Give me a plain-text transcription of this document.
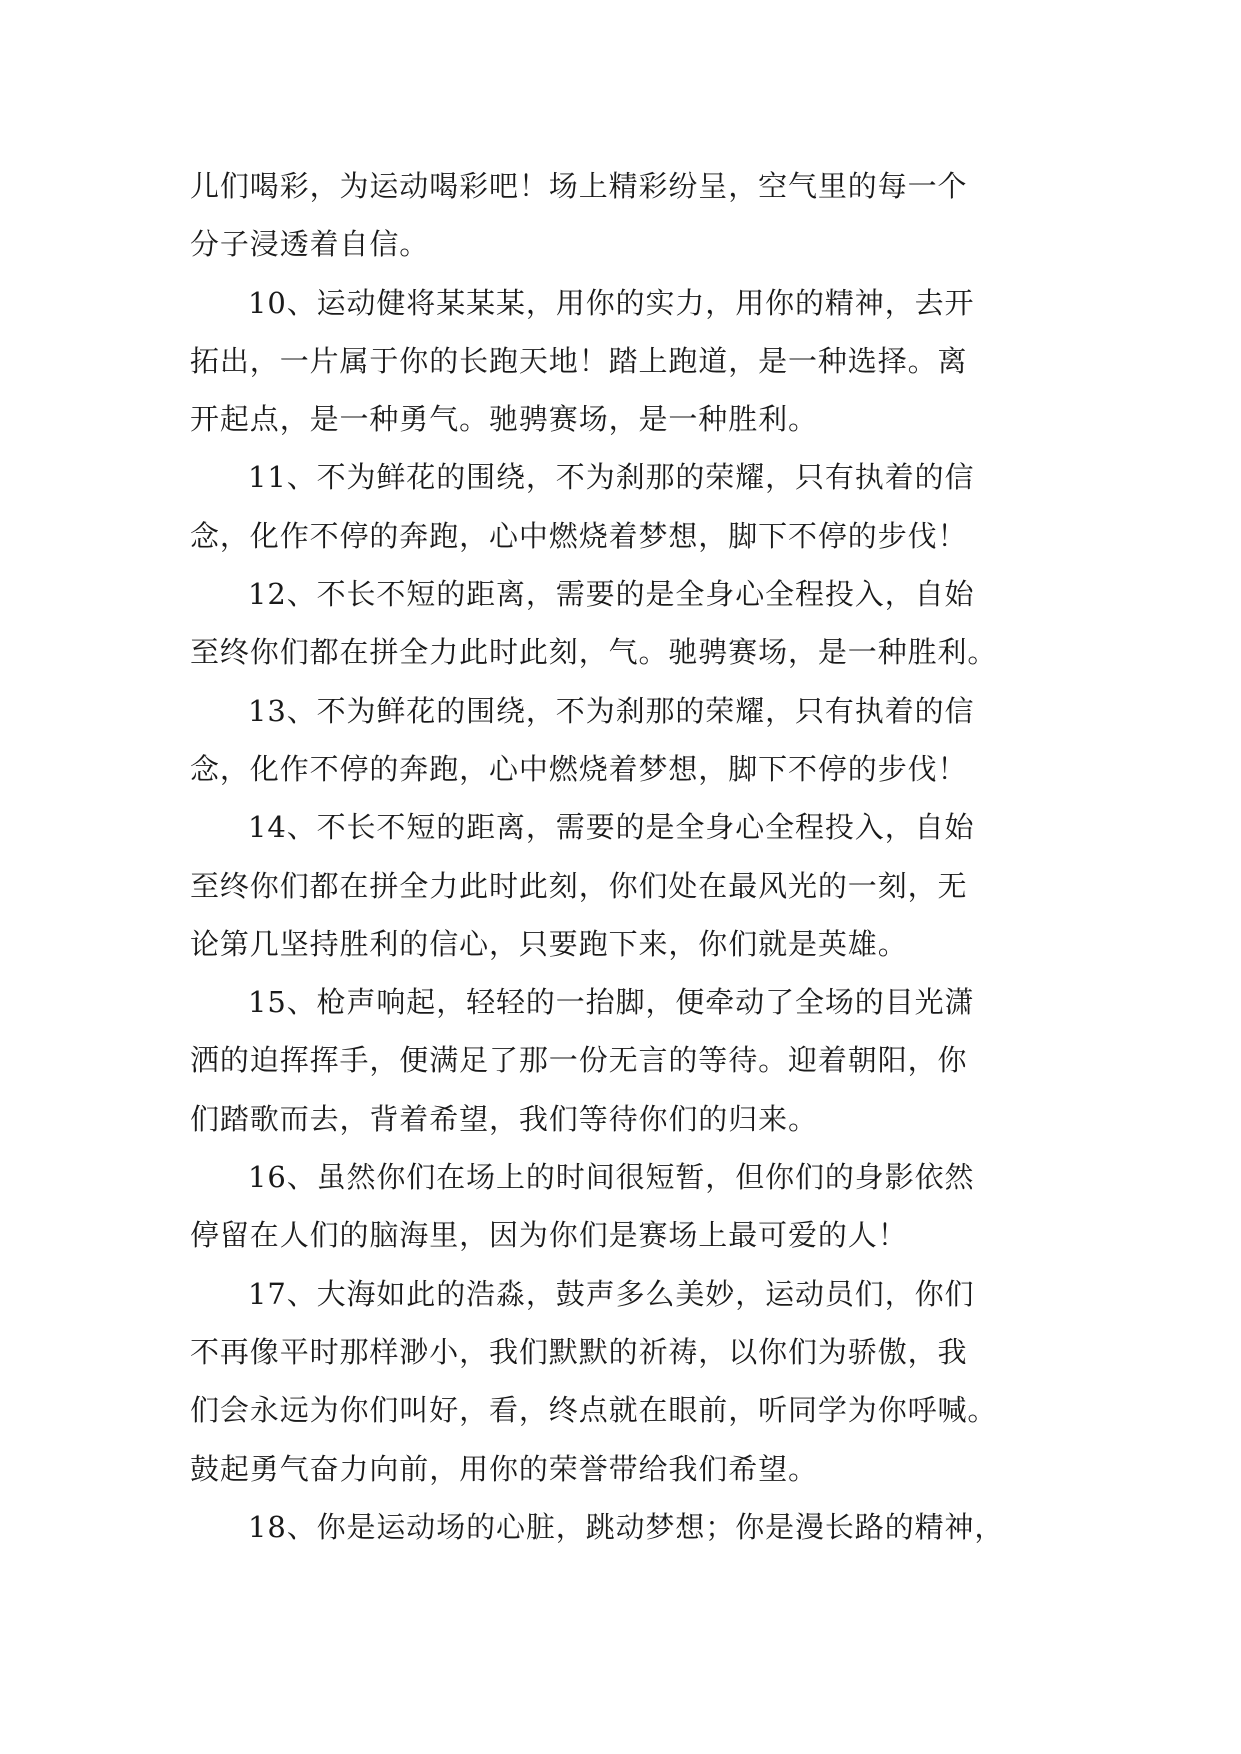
儿们喝彩，为运动喝彩吧！场上精彩纷呈，空气里的每一个
分子浸透着自信。

10、运动健将某某某，用你的实力，用你的精神，去开
拓出，一片属于你的长跑天地！踏上跑道，是一种选择。离
开起点，是一种勇气。驰骋赛场，是一种胜利。

11、不为鲜花的围绕，不为刹那的荣耀，只有执着的信
念，化作不停的奔跑，心中燃烧着梦想，脚下不停的步伐！

12、不长不短的距离，需要的是全身心全程投入，自始
至终你们都在拼全力此时此刻，气。驰骋赛场，是一种胜利。

13、不为鲜花的围绕，不为刹那的荣耀，只有执着的信
念，化作不停的奔跑，心中燃烧着梦想，脚下不停的步伐！

14、不长不短的距离，需要的是全身心全程投入，自始
至终你们都在拼全力此时此刻，你们处在最风光的一刻，无
论第几坚持胜利的信心，只要跑下来，你们就是英雄。

15、枪声响起，轻轻的一抬脚，便牵动了全场的目光潇
洒的迫挥挥手，便满足了那一份无言的等待。迎着朝阳，你
们踏歌而去，背着希望，我们等待你们的归来。

16、虽然你们在场上的时间很短暂，但你们的身影依然
停留在人们的脑海里，因为你们是赛场上最可爱的人！

17、大海如此的浩淼，鼓声多么美妙，运动员们，你们
不再像平时那样渺小，我们默默的祈祷，以你们为骄傲，我
们会永远为你们叫好，看，终点就在眼前，听同学为你呼喊。
鼓起勇气奋力向前，用你的荣誉带给我们希望。

18、你是运动场的心脏，跳动梦想；你是漫长路的精神，
